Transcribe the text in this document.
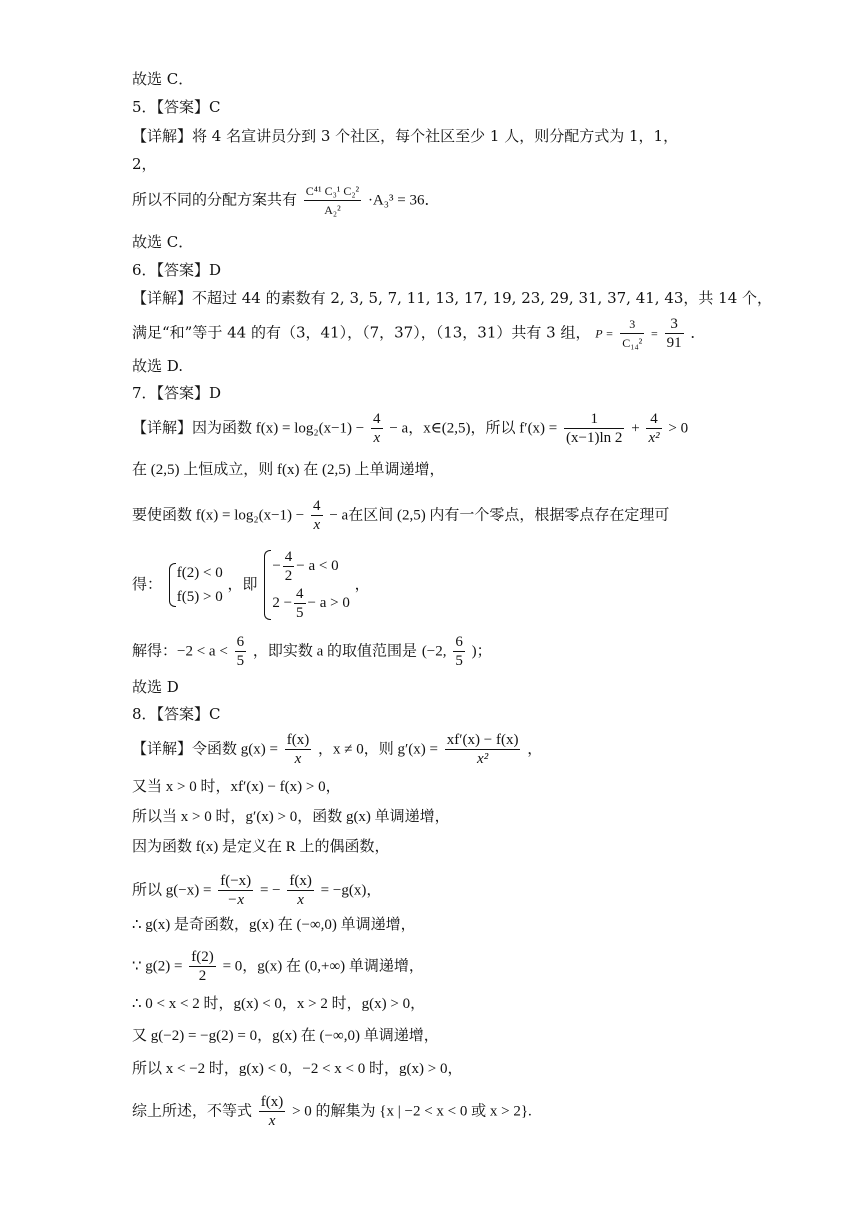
故选 C．
5．【答案】C
【详解】将 4 名宣讲员分到 3 个社区，每个社区至少 1 人，则分配方式为 1，1，
2，
所以不同的分配方案共有 $\frac{\text{C⁴¹ C₃¹ C₂²}}{\text{A₂²}} \cdot A_3^3 = 36$．
故选 C．
6．【答案】D
【详解】不超过 44 的素数有 2, 3, 5, 7, 11, 13, 17, 19, 23, 29, 31, 37, 41, 43，共 14 个，
满足“和”等于 44 的有（3，41），（7，37），（13，31）共有 3 组， $P = \frac{3}{\text{C₁₄²}} = \frac{3}{91}$ ．
故选 D.
7．【答案】D
【详解】因为函数 $f(x) = \log_2(x-1) - \frac{4}{x} - a$，x∈(2,5)，所以 $f'(x) = \frac{1}{(x-1)\ln 2} + \frac{4}{\text{x²}} > 0$
在 (2,5) 上恒成立，则 f(x) 在 (2,5) 上单调递增，
要使函数 $f(x) = \log_2(x-1) - \frac{4}{x} - a$在区间 (2,5) 内有一个零点，根据零点存在定理可
得：
f(2) < 0
f(5) > 0
，即
− $\frac{4}{2} - a < 0$
$2 - \frac{4}{5} - a > 0$
，
解得：$-2 < a < \frac{6}{5}$ ，即实数 a 的取值范围是 (−2, $\frac{6}{5}$ )；
故选 D
8．【答案】C
【详解】令函数 $g(x) = \frac{f(x)}{x}$ ，x ≠ 0，则 $g'(x) = \frac{xf'(x) - f(x)}{\text{x²}}$ ，
又当 x > 0 时，xf′(x) − f(x) > 0，
所以当 x > 0 时，g′(x) > 0，函数 g(x) 单调递增，
因为函数 f(x) 是定义在 R 上的偶函数，
所以 $g(-x) = \frac{f(-x)}{-x}$ = − $\frac{f(x)}{x} = -g(x)$，
∴ g(x) 是奇函数，g(x) 在 (−∞,0) 单调递增，
∵ $g(2) = \frac{f(2)}{2} = 0$，g(x) 在 (0,+∞) 单调递增，
∴ 0 < x < 2 时，g(x) < 0，x > 2 时，g(x) > 0，
又 g(−2) = −g(2) = 0，g(x) 在 (−∞,0) 单调递增，
所以 x < −2 时，g(x) < 0，−2 < x < 0 时，g(x) > 0，
综上所述，不等式 $\frac{f(x)}{x} > 0$ 的解集为 {x | −2 < x < 0 或 x > 2}.
